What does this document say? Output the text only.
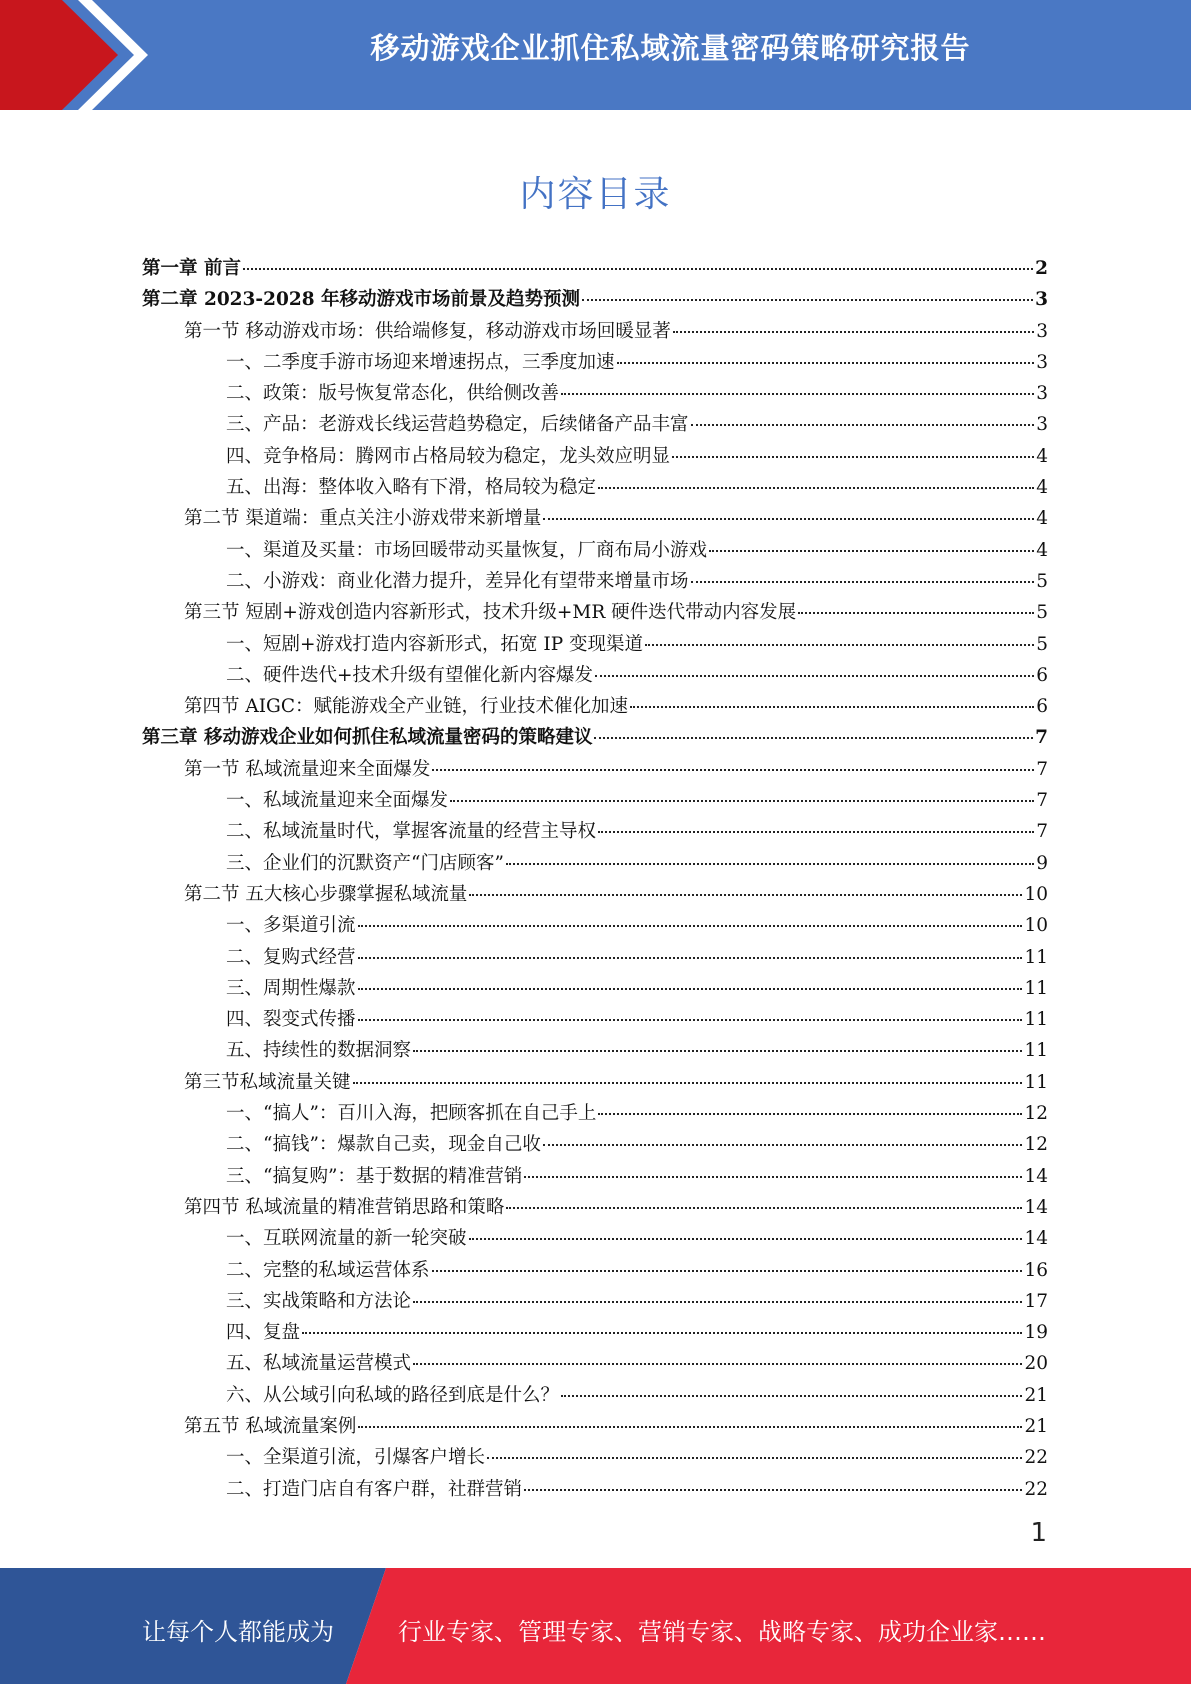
移动游戏企业抓住私域流量密码策略研究报告
内容目录
第一章 前言	2
第二章 2023-2028 年移动游戏市场前景及趋势预测	3
第一节 移动游戏市场：供给端修复，移动游戏市场回暖显著	3
一、二季度手游市场迎来增速拐点，三季度加速	3
二、政策：版号恢复常态化，供给侧改善	3
三、产品：老游戏长线运营趋势稳定，后续储备产品丰富	3
四、竞争格局：腾网市占格局较为稳定，龙头效应明显	4
五、出海：整体收入略有下滑，格局较为稳定	4
第二节 渠道端：重点关注小游戏带来新增量	4
一、渠道及买量：市场回暖带动买量恢复，厂商布局小游戏	4
二、小游戏：商业化潜力提升，差异化有望带来增量市场	5
第三节 短剧+游戏创造内容新形式，技术升级+MR 硬件迭代带动内容发展	5
一、短剧+游戏打造内容新形式，拓宽 IP 变现渠道	5
二、硬件迭代+技术升级有望催化新内容爆发	6
第四节 AIGC：赋能游戏全产业链，行业技术催化加速	6
第三章 移动游戏企业如何抓住私域流量密码的策略建议	7
第一节 私域流量迎来全面爆发	7
一、私域流量迎来全面爆发	7
二、私域流量时代，掌握客流量的经营主导权	7
三、企业们的沉默资产“门店顾客”	9
第二节 五大核心步骤掌握私域流量	10
一、多渠道引流	10
二、复购式经营	11
三、周期性爆款	11
四、裂变式传播	11
五、持续性的数据洞察	11
第三节私域流量关键	11
一、“搞人”：百川入海，把顾客抓在自己手上	12
二、“搞钱”：爆款自己卖，现金自己收	12
三、“搞复购”：基于数据的精准营销	14
第四节 私域流量的精准营销思路和策略	14
一、互联网流量的新一轮突破	14
二、完整的私域运营体系	16
三、实战策略和方法论	17
四、复盘	19
五、私域流量运营模式	20
六、从公域引向私域的路径到底是什么？	21
第五节 私域流量案例	21
一、全渠道引流，引爆客户增长	22
二、打造门店自有客户群，社群营销	22
1
让每个人都能成为	行业专家、管理专家、营销专家、战略专家、成功企业家……
